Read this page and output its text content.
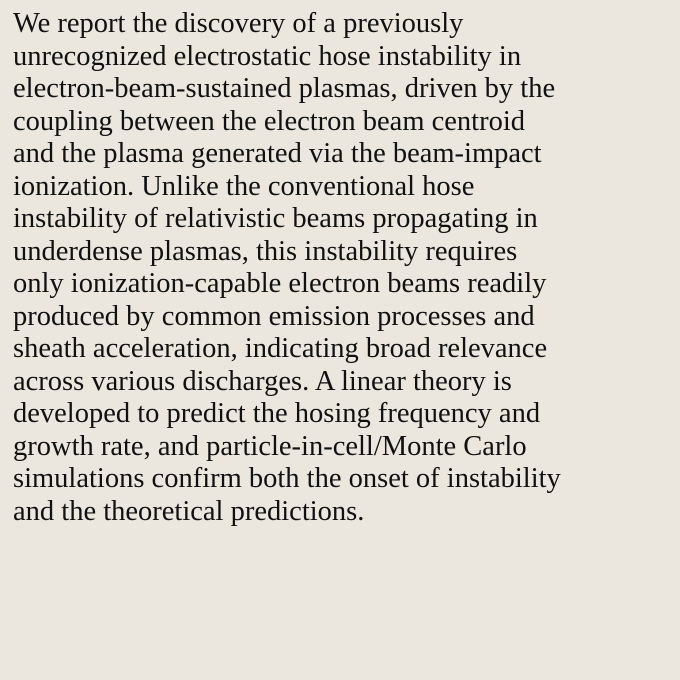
We report the discovery of a previously
unrecognized electrostatic hose instability in
electron-beam-sustained plasmas, driven by the
coupling between the electron beam centroid
and the plasma generated via the beam-impact
ionization. Unlike the conventional hose
instability of relativistic beams propagating in
underdense plasmas, this instability requires
only ionization-capable electron beams readily
produced by common emission processes and
sheath acceleration, indicating broad relevance
across various discharges. A linear theory is
developed to predict the hosing frequency and
growth rate, and particle-in-cell/Monte Carlo
simulations confirm both the onset of instability
and the theoretical predictions.
